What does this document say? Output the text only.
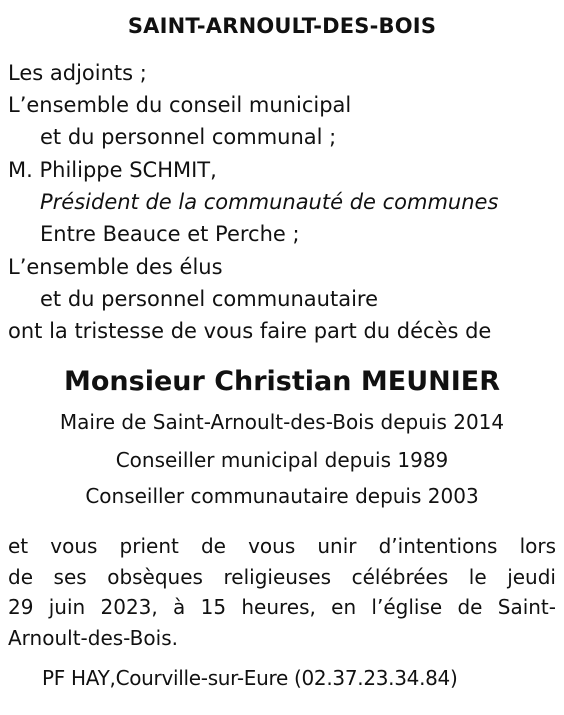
SAINT-ARNOULT-DES-BOIS
Les adjoints ;
L’ensemble du conseil municipal
et du personnel communal ;
M. Philippe SCHMIT,
Président de la communauté de communes
Entre Beauce et Perche ;
L’ensemble des élus
et du personnel communautaire
ont la tristesse de vous faire part du décès de
Monsieur Christian MEUNIER
Maire de Saint-Arnoult-des-Bois depuis 2014
Conseiller municipal depuis 1989
Conseiller communautaire depuis 2003
et vous prient de vous unir d’intentions lors
de ses obsèques religieuses célébrées le jeudi
29 juin 2023, à 15 heures, en l’église de Saint-
Arnoult-des-Bois.
PF HAY,Courville-sur-Eure (02.37.23.34.84)
